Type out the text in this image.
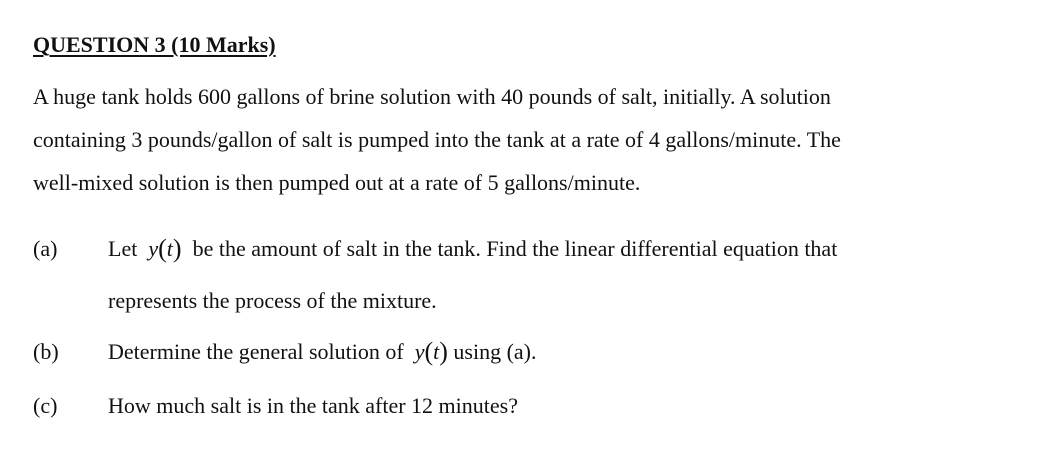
QUESTION 3 (10 Marks)
A huge tank holds 600 gallons of brine solution with 40 pounds of salt, initially. A solution
containing 3 pounds/gallon of salt is pumped into the tank at a rate of 4 gallons/minute. The
well-mixed solution is then pumped out at a rate of 5 gallons/minute.
(a) Let y(t) be the amount of salt in the tank. Find the linear differential equation that
represents the process of the mixture.
(b) Determine the general solution of y(t) using (a).
(c) How much salt is in the tank after 12 minutes?
